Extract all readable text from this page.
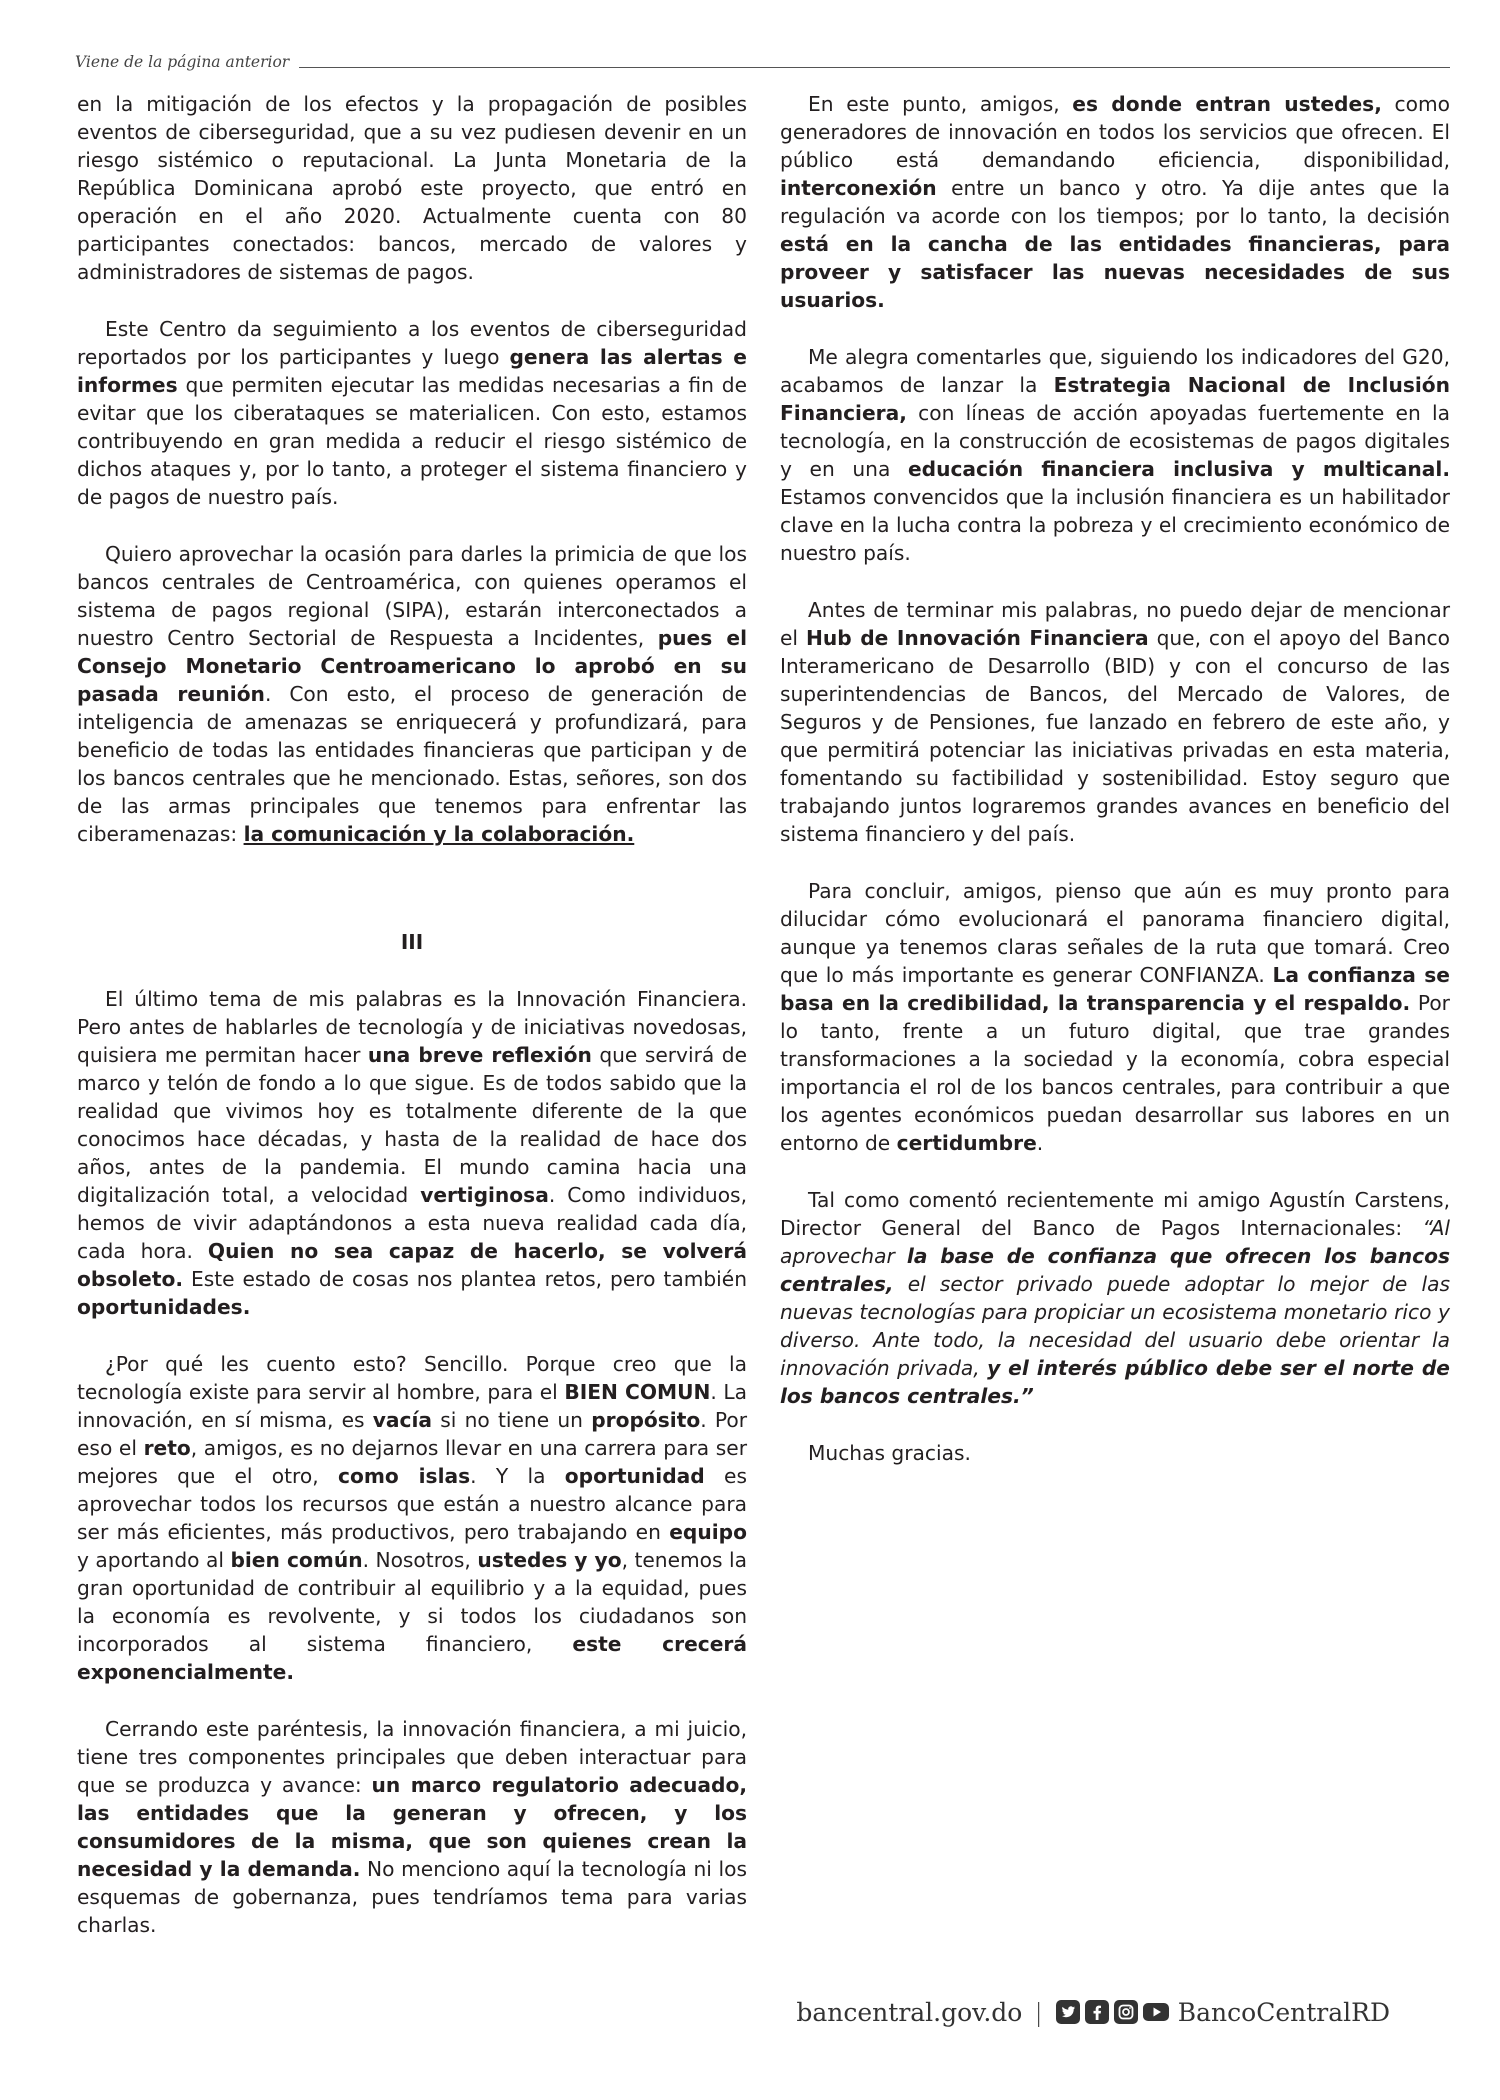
Viene de la página anterior

en la mitigación de los efectos y la propagación de posibles eventos de ciberseguridad, que a su vez pudiesen devenir en un riesgo sistémico o reputacional. La Junta Monetaria de la República Dominicana aprobó este proyecto, que entró en operación en el año 2020. Actualmente cuenta con 80 participantes conectados: bancos, mercado de valores y administradores de sistemas de pagos.

Este Centro da seguimiento a los eventos de ciberseguridad reportados por los participantes y luego genera las alertas e informes que permiten ejecutar las medidas necesarias a fin de evitar que los ciberataques se materialicen. Con esto, estamos contribuyendo en gran medida a reducir el riesgo sistémico de dichos ataques y, por lo tanto, a proteger el sistema financiero y de pagos de nuestro país.

Quiero aprovechar la ocasión para darles la primicia de que los bancos centrales de Centroamérica, con quienes operamos el sistema de pagos regional (SIPA), estarán interconectados a nuestro Centro Sectorial de Respuesta a Incidentes, pues el Consejo Monetario Centroamericano lo aprobó en su pasada reunión. Con esto, el proceso de generación de inteligencia de amenazas se enriquecerá y profundizará, para beneficio de todas las entidades financieras que participan y de los bancos centrales que he mencionado. Estas, señores, son dos de las armas principales que tenemos para enfrentar las ciberamenazas: la comunicación y la colaboración.

III

El último tema de mis palabras es la Innovación Financiera. Pero antes de hablarles de tecnología y de iniciativas novedosas, quisiera me permitan hacer una breve reflexión que servirá de marco y telón de fondo a lo que sigue. Es de todos sabido que la realidad que vivimos hoy es totalmente diferente de la que conocimos hace décadas, y hasta de la realidad de hace dos años, antes de la pandemia. El mundo camina hacia una digitalización total, a velocidad vertiginosa. Como individuos, hemos de vivir adaptándonos a esta nueva realidad cada día, cada hora. Quien no sea capaz de hacerlo, se volverá obsoleto. Este estado de cosas nos plantea retos, pero también oportunidades.

¿Por qué les cuento esto? Sencillo. Porque creo que la tecnología existe para servir al hombre, para el BIEN COMUN. La innovación, en sí misma, es vacía si no tiene un propósito. Por eso el reto, amigos, es no dejarnos llevar en una carrera para ser mejores que el otro, como islas. Y la oportunidad es aprovechar todos los recursos que están a nuestro alcance para ser más eficientes, más productivos, pero trabajando en equipo y aportando al bien común. Nosotros, ustedes y yo, tenemos la gran oportunidad de contribuir al equilibrio y a la equidad, pues la economía es revolvente, y si todos los ciudadanos son incorporados al sistema financiero, este crecerá exponencialmente.

Cerrando este paréntesis, la innovación financiera, a mi juicio, tiene tres componentes principales que deben interactuar para que se produzca y avance: un marco regulatorio adecuado, las entidades que la generan y ofrecen, y los consumidores de la misma, que son quienes crean la necesidad y la demanda. No menciono aquí la tecnología ni los esquemas de gobernanza, pues tendríamos tema para varias charlas.

En este punto, amigos, es donde entran ustedes, como generadores de innovación en todos los servicios que ofrecen. El público está demandando eficiencia, disponibilidad, interconexión entre un banco y otro. Ya dije antes que la regulación va acorde con los tiempos; por lo tanto, la decisión está en la cancha de las entidades financieras, para proveer y satisfacer las nuevas necesidades de sus usuarios.

Me alegra comentarles que, siguiendo los indicadores del G20, acabamos de lanzar la Estrategia Nacional de Inclusión Financiera, con líneas de acción apoyadas fuertemente en la tecnología, en la construcción de ecosistemas de pagos digitales y en una educación financiera inclusiva y multicanal. Estamos convencidos que la inclusión financiera es un habilitador clave en la lucha contra la pobreza y el crecimiento económico de nuestro país.

Antes de terminar mis palabras, no puedo dejar de mencionar el Hub de Innovación Financiera que, con el apoyo del Banco Interamericano de Desarrollo (BID) y con el concurso de las superintendencias de Bancos, del Mercado de Valores, de Seguros y de Pensiones, fue lanzado en febrero de este año, y que permitirá potenciar las iniciativas privadas en esta materia, fomentando su factibilidad y sostenibilidad. Estoy seguro que trabajando juntos lograremos grandes avances en beneficio del sistema financiero y del país.

Para concluir, amigos, pienso que aún es muy pronto para dilucidar cómo evolucionará el panorama financiero digital, aunque ya tenemos claras señales de la ruta que tomará. Creo que lo más importante es generar CONFIANZA. La confianza se basa en la credibilidad, la transparencia y el respaldo. Por lo tanto, frente a un futuro digital, que trae grandes transformaciones a la sociedad y la economía, cobra especial importancia el rol de los bancos centrales, para contribuir a que los agentes económicos puedan desarrollar sus labores en un entorno de certidumbre.

Tal como comentó recientemente mi amigo Agustín Carstens, Director General del Banco de Pagos Internacionales: “Al aprovechar la base de confianza que ofrecen los bancos centrales, el sector privado puede adoptar lo mejor de las nuevas tecnologías para propiciar un ecosistema monetario rico y diverso. Ante todo, la necesidad del usuario debe orientar la innovación privada, y el interés público debe ser el norte de los bancos centrales.”

Muchas gracias.

bancentral.gov.do |	BancoCentralRD
